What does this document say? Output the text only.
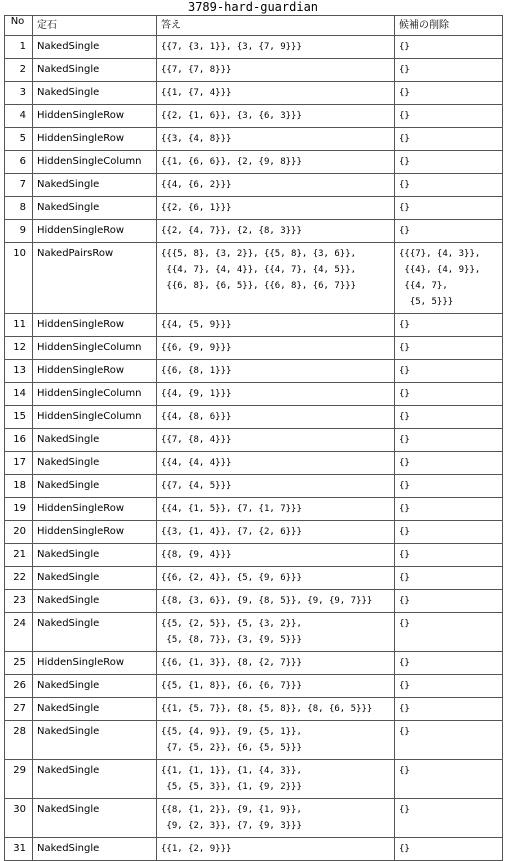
3789-hard-guardian
No	定石	答え	候補の削除
1	NakedSingle	{{7, {3, 1}}, {3, {7, 9}}}	{}
2	NakedSingle	{{7, {7, 8}}}	{}
3	NakedSingle	{{1, {7, 4}}}	{}
4	HiddenSingleRow	{{2, {1, 6}}, {3, {6, 3}}}	{}
5	HiddenSingleRow	{{3, {4, 8}}}	{}
6	HiddenSingleColumn	{{1, {6, 6}}, {2, {9, 8}}}	{}
7	NakedSingle	{{4, {6, 2}}}	{}
8	NakedSingle	{{2, {6, 1}}}	{}
9	HiddenSingleRow	{{2, {4, 7}}, {2, {8, 3}}}	{}
10	NakedPairsRow	{{{5, 8}, {3, 2}}, {{5, 8}, {3, 6}},
{{4, 7}, {4, 4}}, {{4, 7}, {4, 5}},
{{6, 8}, {6, 5}}, {{6, 8}, {6, 7}}}	{{{7}, {4, 3}},
{{4}, {4, 9}},
{{4, 7},
{5, 5}}}
11	HiddenSingleRow	{{4, {5, 9}}}	{}
12	HiddenSingleColumn	{{6, {9, 9}}}	{}
13	HiddenSingleRow	{{6, {8, 1}}}	{}
14	HiddenSingleColumn	{{4, {9, 1}}}	{}
15	HiddenSingleColumn	{{4, {8, 6}}}	{}
16	NakedSingle	{{7, {8, 4}}}	{}
17	NakedSingle	{{4, {4, 4}}}	{}
18	NakedSingle	{{7, {4, 5}}}	{}
19	HiddenSingleRow	{{4, {1, 5}}, {7, {1, 7}}}	{}
20	HiddenSingleRow	{{3, {1, 4}}, {7, {2, 6}}}	{}
21	NakedSingle	{{8, {9, 4}}}	{}
22	NakedSingle	{{6, {2, 4}}, {5, {9, 6}}}	{}
23	NakedSingle	{{8, {3, 6}}, {9, {8, 5}}, {9, {9, 7}}}	{}
24	NakedSingle	{{5, {2, 5}}, {5, {3, 2}},
{5, {8, 7}}, {3, {9, 5}}}	{}
25	HiddenSingleRow	{{6, {1, 3}}, {8, {2, 7}}}	{}
26	NakedSingle	{{5, {1, 8}}, {6, {6, 7}}}	{}
27	NakedSingle	{{1, {5, 7}}, {8, {5, 8}}, {8, {6, 5}}}	{}
28	NakedSingle	{{5, {4, 9}}, {9, {5, 1}},
{7, {5, 2}}, {6, {5, 5}}}	{}
29	NakedSingle	{{1, {1, 1}}, {1, {4, 3}},
{5, {5, 3}}, {1, {9, 2}}}	{}
30	NakedSingle	{{8, {1, 2}}, {9, {1, 9}},
{9, {2, 3}}, {7, {9, 3}}}	{}
31	NakedSingle	{{1, {2, 9}}}	{}
